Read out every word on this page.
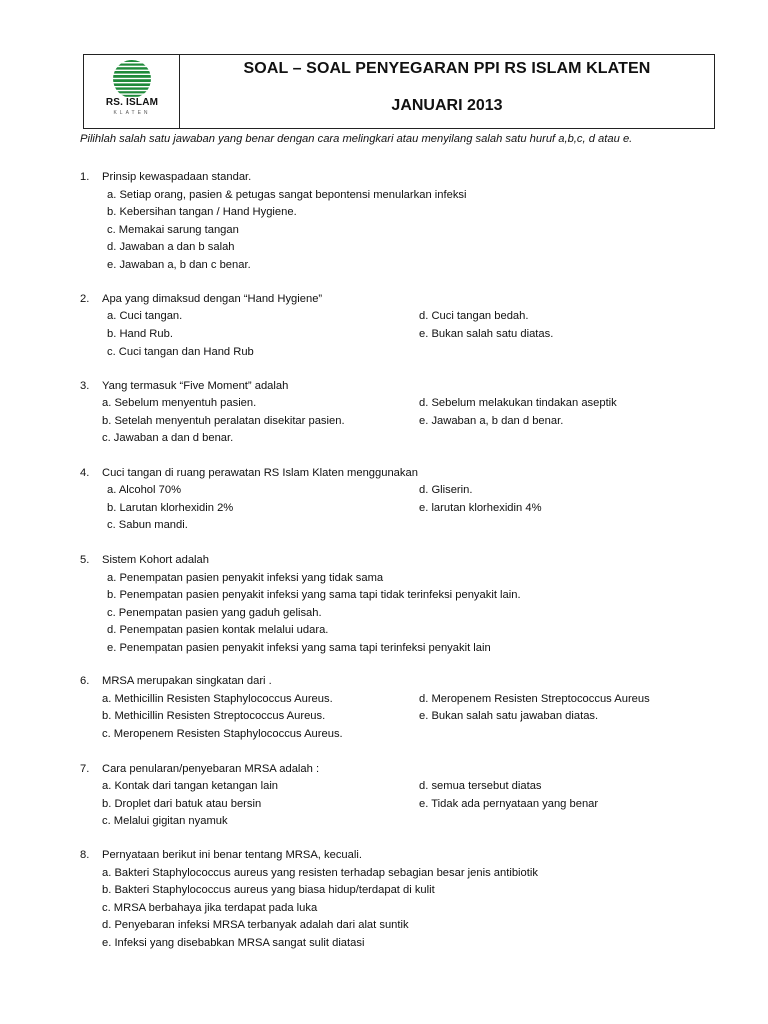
RS. ISLAM
KLATEN
SOAL – SOAL PENYEGARAN PPI RS ISLAM KLATEN
JANUARI 2013
Pilihlah salah satu jawaban yang benar dengan cara melingkari atau menyilang salah satu huruf a,b,c, d atau e.
1. Prinsip kewaspadaan standar.
a. Setiap orang, pasien & petugas sangat bepontensi menularkan infeksi
b. Kebersihan tangan / Hand Hygiene.
c. Memakai sarung tangan
d. Jawaban a dan b salah
e. Jawaban a, b dan c benar.
2. Apa yang dimaksud dengan “Hand Hygiene”
a. Cuci tangan.
b. Hand Rub.
c. Cuci tangan dan Hand Rub
d. Cuci tangan bedah.
e. Bukan salah satu diatas.
3. Yang termasuk “Five Moment” adalah
a. Sebelum menyentuh pasien.
b. Setelah menyentuh peralatan disekitar pasien.
c. Jawaban a dan d benar.
d. Sebelum melakukan tindakan aseptik
e. Jawaban a, b dan d benar.
4. Cuci tangan di ruang perawatan RS Islam Klaten menggunakan
a. Alcohol 70%
b. Larutan klorhexidin 2%
c. Sabun mandi.
d. Gliserin.
e. larutan klorhexidin 4%
5. Sistem Kohort adalah
a. Penempatan pasien penyakit infeksi yang tidak sama
b. Penempatan pasien penyakit infeksi yang sama tapi tidak terinfeksi penyakit lain.
c. Penempatan pasien yang gaduh gelisah.
d. Penempatan pasien kontak melalui udara.
e. Penempatan pasien penyakit infeksi yang sama tapi terinfeksi penyakit lain
6. MRSA merupakan singkatan dari .
a. Methicillin Resisten Staphylococcus Aureus.
b. Methicillin Resisten Streptococcus Aureus.
c. Meropenem Resisten Staphylococcus Aureus.
d. Meropenem Resisten Streptococcus Aureus
e. Bukan salah satu jawaban diatas.
7. Cara penularan/penyebaran MRSA adalah :
a. Kontak dari tangan ketangan lain
b. Droplet dari batuk atau bersin
c. Melalui gigitan nyamuk
d. semua tersebut diatas
e. Tidak ada pernyataan yang benar
8. Pernyataan berikut ini benar tentang MRSA, kecuali.
a. Bakteri Staphylococcus aureus yang resisten terhadap sebagian besar jenis antibiotik
b. Bakteri Staphylococcus aureus yang biasa hidup/terdapat di kulit
c. MRSA berbahaya jika terdapat pada luka
d. Penyebaran infeksi MRSA terbanyak adalah dari alat suntik
e. Infeksi yang disebabkan MRSA sangat sulit diatasi
